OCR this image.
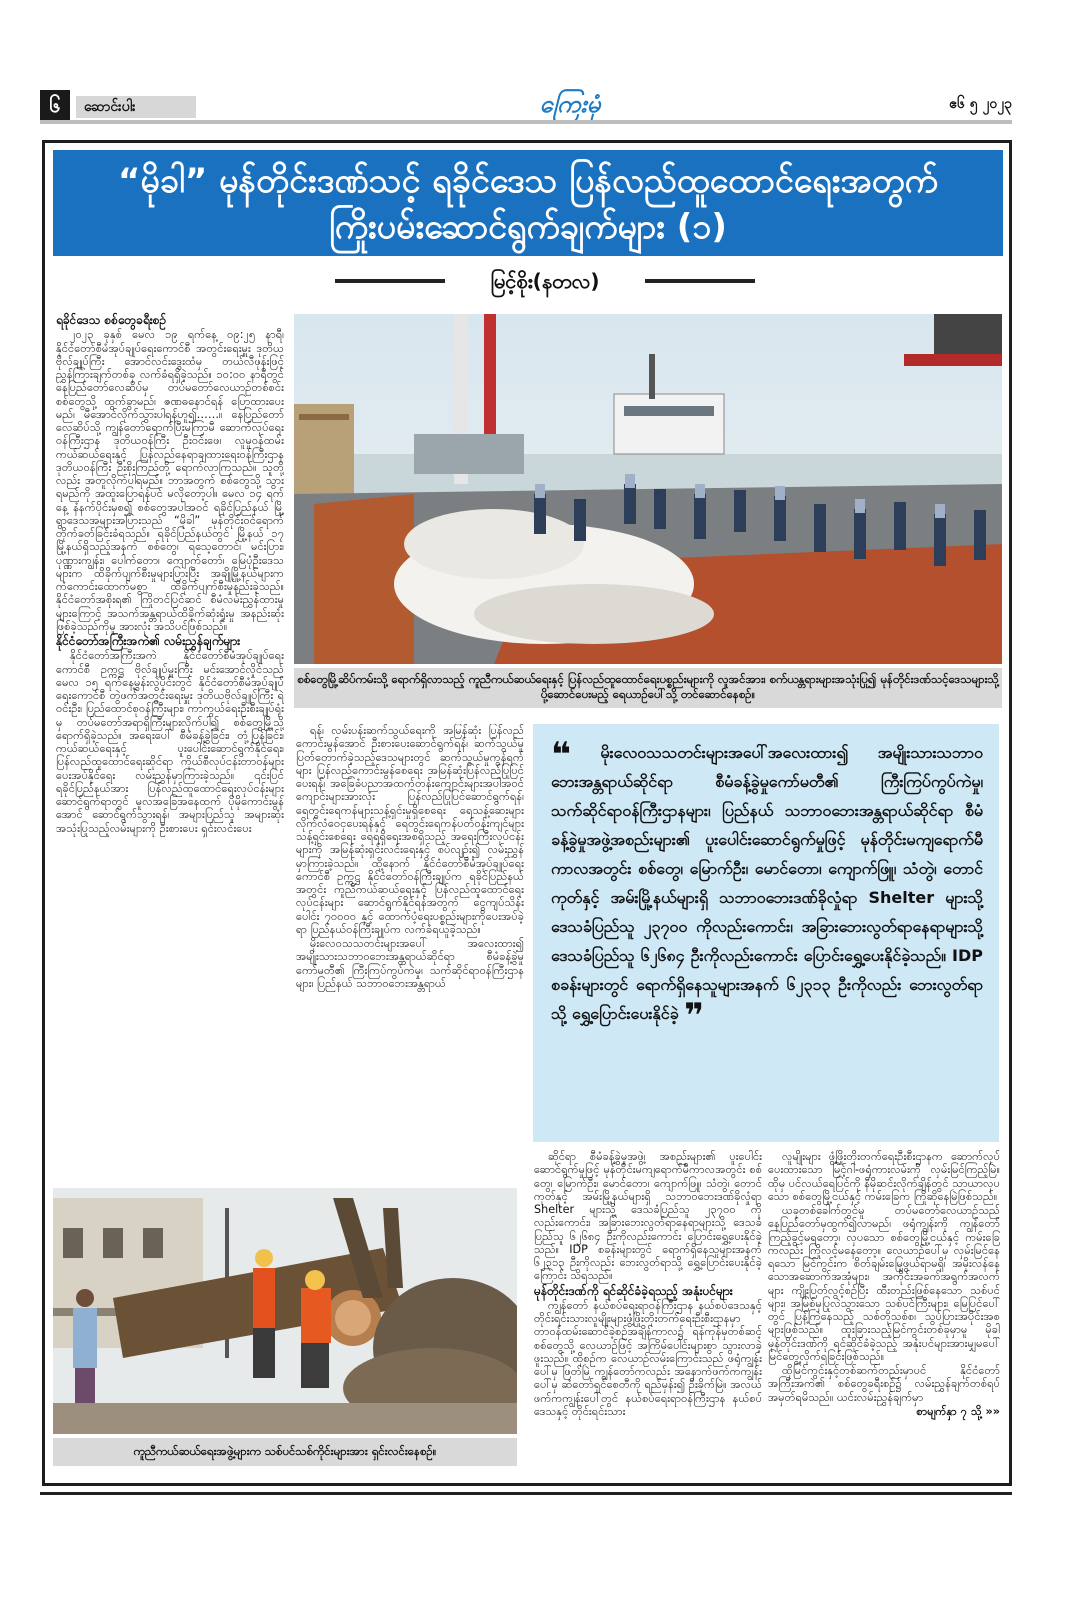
၆	ဆောင်းပါး	ကြေးမုံ	ဧ၆ ၅ ၂၀၂၃
“မိုခါ” မုန်တိုင်းဒဏ်သင့် ရခိုင်ဒေသ ပြန်လည်ထူထောင်ရေးအတွက်
ကြိုးပမ်းဆောင်ရွက်ချက်များ (၁)
မြင့်စိုး(နတလ)
ရခိုင်ဒေသ စစ်တွေခရီးစဉ်

၂၀၂၃ ခုနှစ် မေလ ၁၉ ရက်နေ့ ၀၉:၂၅ နာရီ၊ နိုင်ငံတော်စီမံအုပ်ချုပ်ရေးကောင်စီ အတွင်းရေးမှူး ဒုတိယဗိုလ်ချုပ်ကြီး အောင်လင်းဒွေးထံမှ တယ်လီဖုန်းဖြင့် ညွှန်ကြားချက်တစ်ခု လက်ခံရရှိခဲ့သည်။ ၁၀:၀၀ နာရီတွင် နေပြည်တော်လေဆိပ်မှ တပ်မတော်လေယာဉ်တစ်စင်း စစ်တွေသို့ ထွက်ခွာမည်၊ ဇဏဓနောင်ရန် ပြောထားပေးမည်၊ မီအောင်လိုက်သွားပါရန်ဟူ၍……။ နေပြည်တော်လေဆိပ်သို့ ကျွန်တော်ရောက်ပြီးမကြာမီ ဆောက်လုပ်ရေးဝန်ကြီးဌာန ဒုတိယဝန်ကြီး ဦးဝင်းဖေ၊ လူမှုဝန်ထမ်းကယ်ဆယ်ရေးနှင့် ပြန်လည်နေရာချထားရေးဝန်ကြီးဌာန ဒုတိယဝန်ကြီး ဦးစိုးကြည်တို့ ရောက်လာကြသည်။ သူတို့လည်း အတူလိုက်ပါရမည်။ ဘာအတွက် စစ်တွေသို့ သွားရမည်ကို အထူးပြောရန်ပင် မလိုတော့ပါ။ မေလ ၁၄ ရက်နေ့ နံနက်ပိုင်းမှစ၍ စစ်တွေအပါအဝင် ရခိုင်ပြည်နယ် မြို့ရွာဒေသအများအပြားသည် “မိုခါ” မုန်တိုင်းဝင်ရောက်တိုက်ခတ်ခြင်းခံရသည်။ ရခိုင်ပြည်နယ်တွင် မြို့နယ် ၁၇ မြို့နယ်ရှိသည့်အနက် စစ်တွေ၊ ရသေ့တောင်၊ မင်းပြား၊ ပုဏ္ဏားကျွန်း၊ ပေါက်တော၊ ကျောက်တော်၊ မြေပုံဦးဒေသများက ထိခိုက်ပျက်စီးမှုများပြားပြီး အချို့မြို့နယ်များက ကံကောင်းထောက်မစွာ ထိခိုက်ပျက်စီးမှုနည်းခဲ့သည်။ နိုင်ငံတော်အစိုးရ၏ ကြိုတင်ပြင်ဆင် စီမံလမ်းညွှန်ထားမှုများကြောင့် အသက်အန္တရာယ်ထိခိုက်ဆုံးရှုံးမှု အနည်းဆုံးဖြစ်ခဲ့သည်ကိုမူ အားလုံး အသိပင်ဖြစ်သည်။

နိုင်ငံတော်အကြီးအကဲ၏ လမ်းညွှန်ချက်များ

နိုင်ငံတော်အကြီးအကဲ နိုင်ငံတော်စီမံအုပ်ချုပ်ရေးကောင်စီ ဥက္ကဋ္ဌ ဗိုလ်ချုပ်မှူးကြီး မင်းအောင်လှိုင်သည် မေလ ၁၅ ရက်နေ့မွန်းလွဲပိုင်းတွင် နိုင်ငံတော်စီမံအုပ်ချုပ်ရေးကောင်စီ တွဲဖက်အတွင်းရေးမှူး ဒုတိယဗိုလ်ချုပ်ကြီး ရဲဝင်းဦး၊ ပြည်ထောင်စုဝန်ကြီးများ၊ ကာကွယ်ရေးဦးစီးချုပ်ရုံးမှ တပ်မတော်အရာရှိကြီးများလိုက်ပါ၍ စစ်တွေမြို့သို့ ရောက်ရှိခဲ့သည်။ အရေးပေါ် စီမံခန့်ခွဲခြင်း၊ တုံ့ပြန်ခြင်း၊ ကယ်ဆယ်ရေးနှင့် ပူးပေါင်းဆောင်ရွက်နိုင်ရေး၊ ပြန်လည်ထူထောင်ရေးဆိုင်ရာ ကိုယ်စီလုပ်ငန်းတာဝန်များ ပေးအပ်နိုင်ရေး လမ်းညွှန်မှာကြားခဲ့သည်။ ၎င်းပြင် ရခိုင်ပြည်နယ်အား ပြန်လည်ထူထောင်ရေးလုပ်ငန်းများ ဆောင်ရွက်ရာတွင် မူလအခြေအနေထက် ပိုမိုကောင်းမွန်အောင် ဆောင်ရွက်သွားရန်၊ အများပြည်သူ အများဆုံး အသုံးပြုသည့်လမ်းများကို ဦးစားပေး ရှင်းလင်းပေး

စစ်တွေမြို့ဆိပ်ကမ်းသို့ ရောက်ရှိလာသည့် ကူညီကယ်ဆယ်ရေးနှင့် ပြန်လည်ထူထောင်ရေးပစ္စည်းများကို လူအင်အား၊ စက်ယန္တရားများအသုံးပြု၍ မုန်တိုင်းဒဏ်သင့်ဒေသများသို့ ပို့ဆောင်ပေးမည့် ရေယာဉ်ပေါ်သို့ တင်ဆောင်နေစဉ်။

ရန်၊ လမ်းပန်းဆက်သွယ်ရေးကို အမြန်ဆုံး ပြန်လည်ကောင်းမွန်အောင် ဦးစားပေးဆောင်ရွက်ရန်၊ ဆက်သွယ်မှုပြတ်တောက်ခဲ့သည့်ဒေသများတွင် ဆက်သွယ်မှုကွန်ရက်များ ပြန်လည်ကောင်းမွန်စေရေး အမြန်ဆုံးပြန်လည်ပြုပြင်ပေးရန်၊ အခြေခံပညာအထက်တန်းကျောင်းများအပါအဝင် ကျောင်းများအားလုံး ပြန်လည်ပြုပြင်ဆောင်ရွက်ရန်၊ ရေတွင်းရေကန်များသန့်ရှင်းမှုရှိစေရေး ရေသန့်ဆေးများ လိုက်လံဝေငှပေးရန်နှင့် ရေတွင်းရေကန်ပတ်ဝန်းကျင်များသန့်ရှင်းစေရေး ရေရရှိရေးအစရှိသည့် အရေးကြီးလုပ်ငန်းများကို အမြန်ဆုံးရှင်းလင်းရေးနှင့် စပ်လျဉ်း၍ လမ်းညွှန်မှာကြားခဲ့သည်။ ထို့နောက် နိုင်ငံတော်စီမံအုပ်ချုပ်ရေးကောင်စီ ဥက္ကဋ္ဌ နိုင်ငံတော်ဝန်ကြီးချုပ်က ရခိုင်ပြည်နယ်အတွင်း ကူညီကယ်ဆယ်ရေးနှင့် ပြန်လည်ထူထောင်ရေးလုပ်ငန်းများ ဆောင်ရွက်နိုင်ရန်အတွက် ငွေကျပ်သိန်းပေါင်း ၇၀၀၀၀ နှင့် ထောက်ပံ့ရေးပစ္စည်းများကိုပေးအပ်ခဲ့ရာ ပြည်နယ်ဝန်ကြီးချုပ်က လက်ခံရယူခဲ့သည်။

မိုးလေဝသသတင်းများအပေါ် အလေးထား၍ အမျိုးသားသဘာဝဘေးအန္တရာယ်ဆိုင်ရာ စီမံခန့်ခွဲမှုကော်မတီ၏ ကြီးကြပ်ကွပ်ကဲမှု၊ သက်ဆိုင်ရာဝန်ကြီးဌာနများ၊ ပြည်နယ် သဘာဝဘေးအန္တရာယ်

❝ မိုးလေဝသသတင်းများအပေါ်အလေးထား၍ အမျိုးသားသဘာဝဘေးအန္တရာယ်ဆိုင်ရာ စီမံခန့်ခွဲမှုကော်မတီ၏ ကြီးကြပ်ကွပ်ကဲမှု၊ သက်ဆိုင်ရာဝန်ကြီးဌာနများ၊ ပြည်နယ် သဘာဝဘေးအန္တရာယ်ဆိုင်ရာ စီမံခန့်ခွဲမှုအဖွဲ့အစည်းများ၏ ပူးပေါင်းဆောင်ရွက်မှုဖြင့် မုန်တိုင်းမကျရောက်မီကာလအတွင်း စစ်တွေ၊ မြောက်ဦး၊ မောင်တော၊ ကျောက်ဖြူ၊ သံတွဲ၊ တောင်ကုတ်နှင့် အမ်းမြို့နယ်များရှိ သဘာဝဘေးဒဏ်ခိုလှုံရာ Shelter များသို့ ဒေသခံပြည်သူ ၂၃၇၀၀ ကိုလည်းကောင်း၊ အခြားဘေးလွတ်ရာနေရာများသို့ ဒေသခံပြည်သူ ၆၂၆၈၄ ဦးကိုလည်းကောင်း ပြောင်းရွှေ့ပေးနိုင်ခဲ့သည်။ IDP စခန်းများတွင် ရောက်ရှိနေသူများအနက် ၆၂၃၁၃ ဦးကိုလည်း ဘေးလွတ်ရာသို့ ရွှေ့ပြောင်းပေးနိုင်ခဲ့ ❞

ဆိုင်ရာ စီမံခန့်ခွဲမှုအဖွဲ့၊ အစည်းများ၏ ပူးပေါင်းဆောင်ရွက်မှုဖြင့် မုန်တိုင်းမကျရောက်မီကာလအတွင်း စစ်တွေ၊ မြောက်ဦး၊ မောင်တော၊ ကျောက်ဖြူ၊ သံတွဲ၊ တောင်ကုတ်နှင့် အမ်းမြို့နယ်များရှိ သဘာဝဘေးဒဏ်ခိုလှုံရာ Shelter များသို့ ဒေသခံပြည်သူ ၂၃၇၀၀ ကိုလည်းကောင်း၊ အခြားဘေးလွတ်ရာနေရာများသို့ ဒေသခံပြည်သူ ၆၂၆၈၄ ဦးကိုလည်းကောင်း ပြောင်းရွှေ့ပေးနိုင်ခဲ့သည်။ IDP စခန်းများတွင် ရောက်ရှိနေသူများအနက် ၆၂၃၁၃ ဦးကိုလည်း ဘေးလွတ်ရာသို့ ရွှေ့ပြောင်းပေးနိုင်ခဲ့ကြောင်း သိရသည်။

မုန်တိုင်းဒဏ်ကို ရင်ဆိုင်ခံခဲ့ရသည့် အနုံးပင်များ

ကျွန်တော် နယ်စပ်ရေးရာဝန်ကြီးဌာန နယ်စပ်ဒေသနှင့်တိုင်းရင်းသားလူမျိုးများဖွံ့ဖြိုးတိုးတက်ရေးဦးစီးဌာနမှာ တာဝန်ထမ်းဆောင်ခဲ့စဉ်အချိန်ကာလ၌ ရန်ကုန်မှတစ်ဆင့် စစ်တွေသို့ လေယာဉ်ဖြင့် အကြိမ်ပေါင်းများစွာ သွားလာခဲ့ဖူးသည်။ ထိုစဉ်က လေယာဉ်လမ်းကြောင်းသည် ဖရုံကျွန်းပေါ်မှ ဖြတ်မြဲ ကျွန်တော်ကလည်း အနောက်ဖက်ကကျွန်းပေါ်မှ ဆံတော်ရှင်စေတီကို ရည်မှန်း၍ ဦးခိုက်မြဲ။ အလယ်ဖက်ကကျွန်းပေါ်တွင် နယ်စပ်ရေးရာဝန်ကြီးဌာန နယ်စပ်ဒေသနှင့် တိုင်းရင်းသား

လူမျိုးများ ဖွံ့ဖြိုးတိုးတက်ရေးဦးစီးဌာနက ဆောက်လုပ်ပေးထားသော မြင့်ဂါ-ဖရုံကားလမ်းကို လှမ်းမြင်ကြည့်မြဲ။ ထိုမှ ပင်လယ်ရေပြင်ကို နီမိုဆင်းလိုက်ချိန်တွင် သာယာလှပသော စစ်တွေမြို့ငယ်နှင့် ကမ်းခြေက ကြိုဆိုနေမြဲဖြစ်သည်။

ယခုတစ်ခေါက်တွင်မူ တပ်မတော်လေယာဉ်သည် နေပြည်တော်မှထွက်၍လာမည်၊ ဖရုံကျွန်းကို ကျွန်တော်ကြည့်ခွင့်မရတော့၊ လှပသော စစ်တွေမြို့ငယ်နှင့် ကမ်းခြေကလည်း ကြိုလင့်မနေတော့။ လေယာဉ်ပေါ်မှ လှမ်းမြင်နေရသော မြင်ကွင်းက စိတ်ချမ်းမြေ့ဖွယ်ရာမရှိ၊ အမိုးလန်နေသောအဆောက်အအုံများ၊ အကိုင်းအခက်အရွက်အလက်များ ကျိုးပြတ်လွင့်စဉ်ပြီး ထီးတည်းဖြစ်နေသော သစ်ပင်များ၊ အမြစ်မှပြုလဲသွားသော သစ်ပင်ကြီးများ၊ မြေပြင်ပေါ်တွင် ပြန့်ကြဲနေသည့် သစ်တိုသစ်စ၊ သွပ်ပြားအပိုင်းအစများဖြစ်သည်။ ထူးခြားသည့်မြင်ကွင်းတစ်ခုမှာမူ မိုခါမုန်တိုင်းဒဏ်ကို ရင်ဆိုင်ခံခဲ့သည့် အနုံးပင်များအားမျှမပေါ် မြင်တွေ့လိုက်ရခြင်းဖြစ်သည်။

ထိုမြင်ကွင်းနှင့်တစ်ဆက်တည်းမှာပင် နိုင်ငံတော်အကြီးအကဲ၏ စစ်တွေခရီးစဉ်၌ လမ်းညွှန်ချက်တစ်ရပ် အမှတ်ရမိသည်။ ယင်းလမ်းညွှန်ချက်မှာ

စာမျက်နှာ ၇ သို့ »»

ကူညီကယ်ဆယ်ရေးအဖွဲ့များက သစ်ပင်သစ်ကိုင်းများအား ရှင်းလင်းနေစဉ်။
